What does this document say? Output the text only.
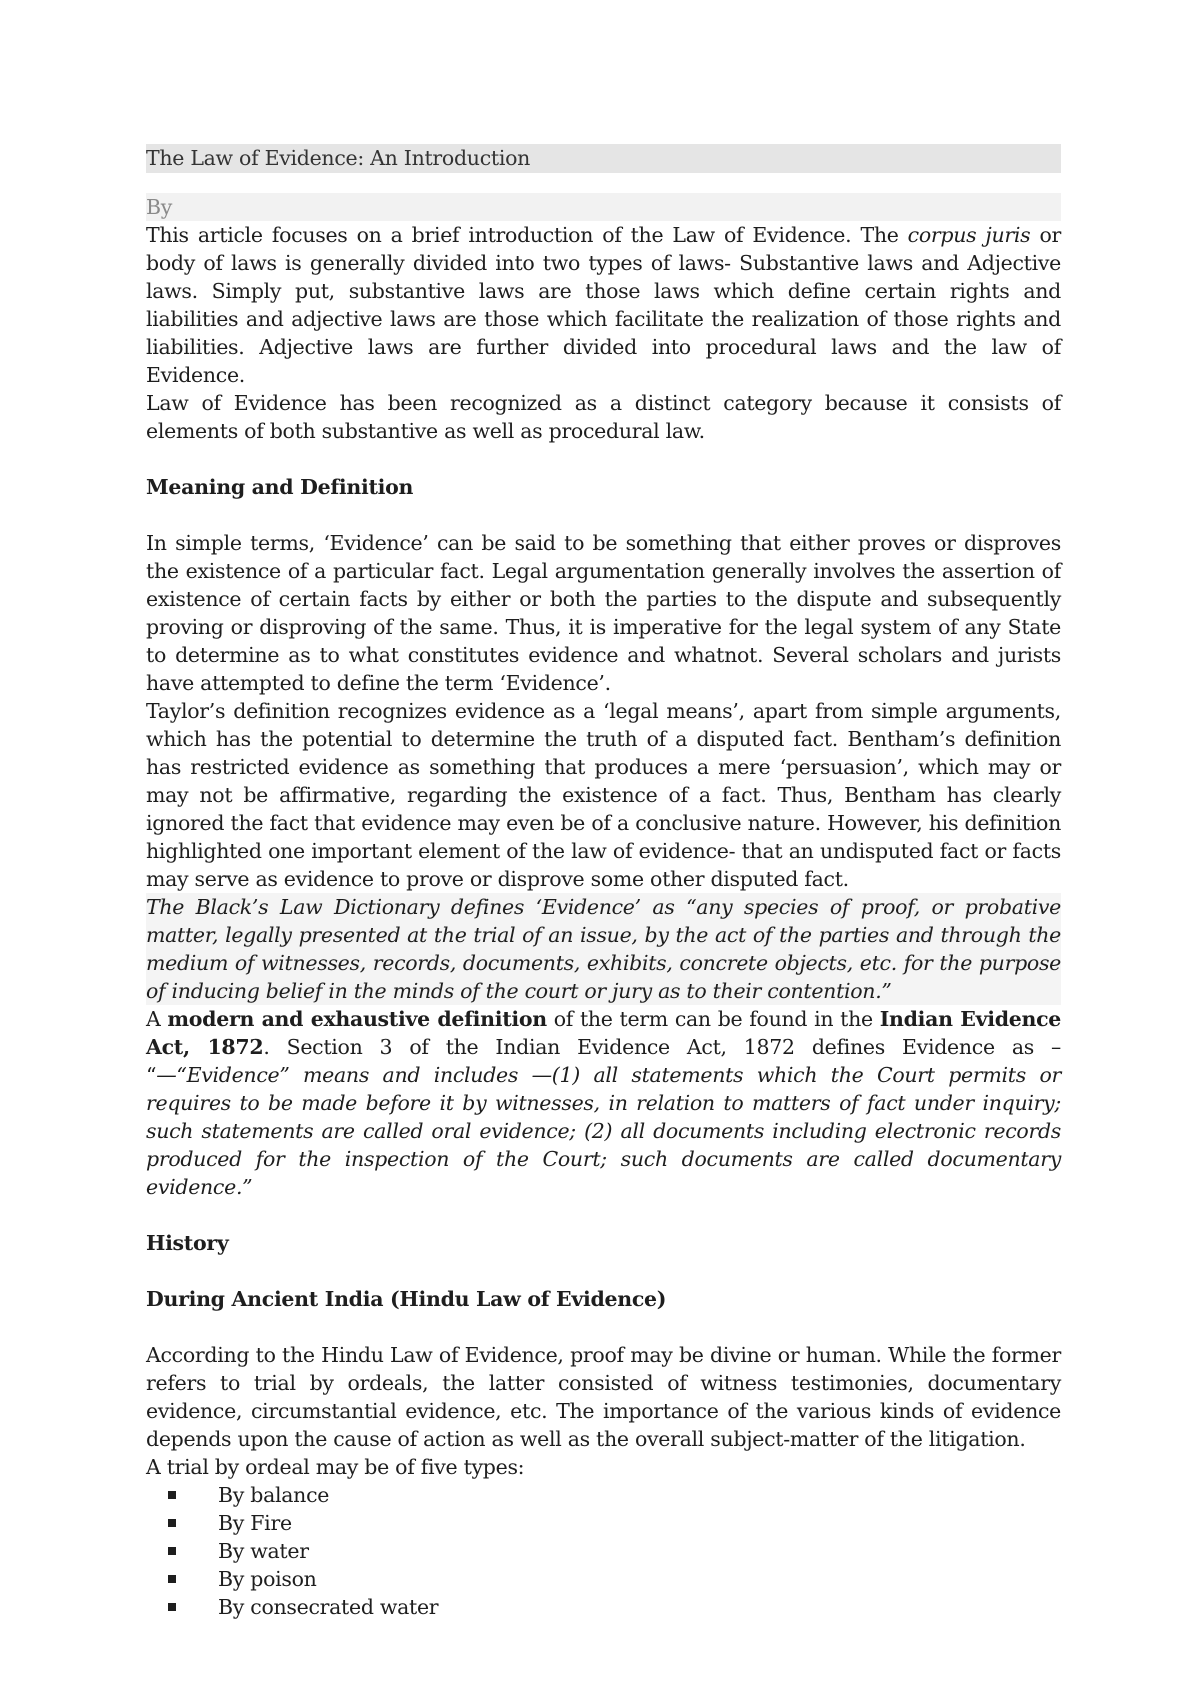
The Law of Evidence: An Introduction
By

This article focuses on a brief introduction of the Law of Evidence. The corpus juris or body of laws is generally divided into two types of laws- Substantive laws and Adjective laws. Simply put, substantive laws are those laws which define certain rights and liabilities and adjective laws are those which facilitate the realization of those rights and liabilities. Adjective laws are further divided into procedural laws and the law of Evidence.

Law of Evidence has been recognized as a distinct category because it consists of elements of both substantive as well as procedural law.

Meaning and Definition

In simple terms, ‘Evidence’ can be said to be something that either proves or disproves the existence of a particular fact. Legal argumentation generally involves the assertion of existence of certain facts by either or both the parties to the dispute and subsequently proving or disproving of the same. Thus, it is imperative for the legal system of any State to determine as to what constitutes evidence and whatnot. Several scholars and jurists have attempted to define the term ‘Evidence’.

Taylor’s definition recognizes evidence as a ‘legal means’, apart from simple arguments, which has the potential to determine the truth of a disputed fact. Bentham’s definition has restricted evidence as something that produces a mere ‘persuasion’, which may or may not be affirmative, regarding the existence of a fact. Thus, Bentham has clearly ignored the fact that evidence may even be of a conclusive nature. However, his definition highlighted one important element of the law of evidence- that an undisputed fact or facts may serve as evidence to prove or disprove some other disputed fact.

The Black’s Law Dictionary defines ‘Evidence’ as “any species of proof, or probative matter, legally presented at the trial of an issue, by the act of the parties and through the medium of witnesses, records, documents, exhibits, concrete objects, etc. for the purpose of inducing belief in the minds of the court or jury as to their contention.”

A modern and exhaustive definition of the term can be found in the Indian Evidence Act, 1872. Section 3 of the Indian Evidence Act, 1872 defines Evidence as – “—“Evidence” means and includes —(1) all statements which the Court permits or requires to be made before it by witnesses, in relation to matters of fact under inquiry; such statements are called oral evidence; (2) all documents including electronic records produced for the inspection of the Court; such documents are called documentary evidence.”

History

During Ancient India (Hindu Law of Evidence)

According to the Hindu Law of Evidence, proof may be divine or human. While the former refers to trial by ordeals, the latter consisted of witness testimonies, documentary evidence, circumstantial evidence, etc. The importance of the various kinds of evidence depends upon the cause of action as well as the overall subject-matter of the litigation.

A trial by ordeal may be of five types:

By balance
By Fire
By water
By poison
By consecrated water
